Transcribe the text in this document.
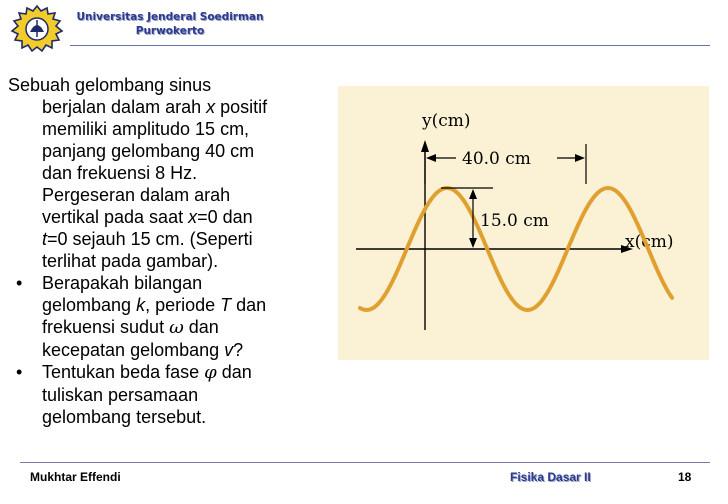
Universitas Jenderal Soedirman
Purwokerto
Sebuah gelombang sinus
berjalan dalam arah x positif
memiliki amplitudo 15 cm,
panjang gelombang 40 cm
dan frekuensi 8 Hz.
Pergeseran dalam arah
vertikal pada saat x=0 dan
t=0 sejauh 15 cm. (Seperti
terlihat pada gambar).
• Berapakah bilangan
gelombang k, periode T dan
frekuensi sudut ω dan
kecepatan gelombang v?
• Tentukan beda fase φ dan
tuliskan persamaan
gelombang tersebut.
y(cm)
x(cm)
40.0 cm
15.0 cm
Mukhtar Effendi	Fisika Dasar II	18
